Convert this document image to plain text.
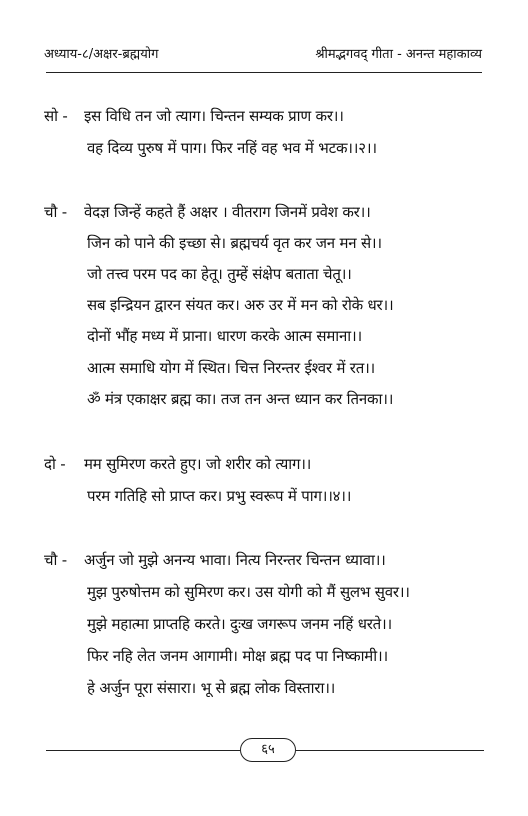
अध्याय-८/अक्षर-ब्रह्मयोग	श्रीमद्भगवद् गीता - अनन्त महाकाव्य
सो - इस विधि तन जो त्याग। चिन्तन सम्यक प्राण कर।।
वह दिव्य पुरुष में पाग। फिर नहिं वह भव में भटक।।२।।
चौ - वेदज्ञ जिन्हें कहते हैं अक्षर । वीतराग जिनमें प्रवेश कर।।
जिन को पाने की इच्छा से। ब्रह्मचर्य वृत कर जन मन से।।
जो तत्त्व परम पद का हेतू। तुम्हें संक्षेप बताता चेतू।।
सब इन्द्रियन द्वारन संयत कर। अरु उर में मन को रोके धर।।
दोनों भौंह मध्य में प्राना। धारण करके आत्म समाना।।
आत्म समाधि योग में स्थित। चित्त निरन्तर ईश्वर में रत।।
ॐ मंत्र एकाक्षर ब्रह्म का। तज तन अन्त ध्यान कर तिनका।।
दो - मम सुमिरण करते हुए। जो शरीर को त्याग।।
परम गतिहि सो प्राप्त कर। प्रभु स्वरूप में पाग।।४।।
चौ - अर्जुन जो मुझे अनन्य भावा। नित्य निरन्तर चिन्तन ध्यावा।।
मुझ पुरुषोत्तम को सुमिरण कर। उस योगी को मैं सुलभ सुवर।।
मुझे महात्मा प्राप्तहि करते। दुःख जगरूप जनम नहिं धरते।।
फिर नहि लेत जनम आगामी। मोक्ष ब्रह्म पद पा निष्कामी।।
हे अर्जुन पूरा संसारा। भू से ब्रह्म लोक विस्तारा।।
६५
